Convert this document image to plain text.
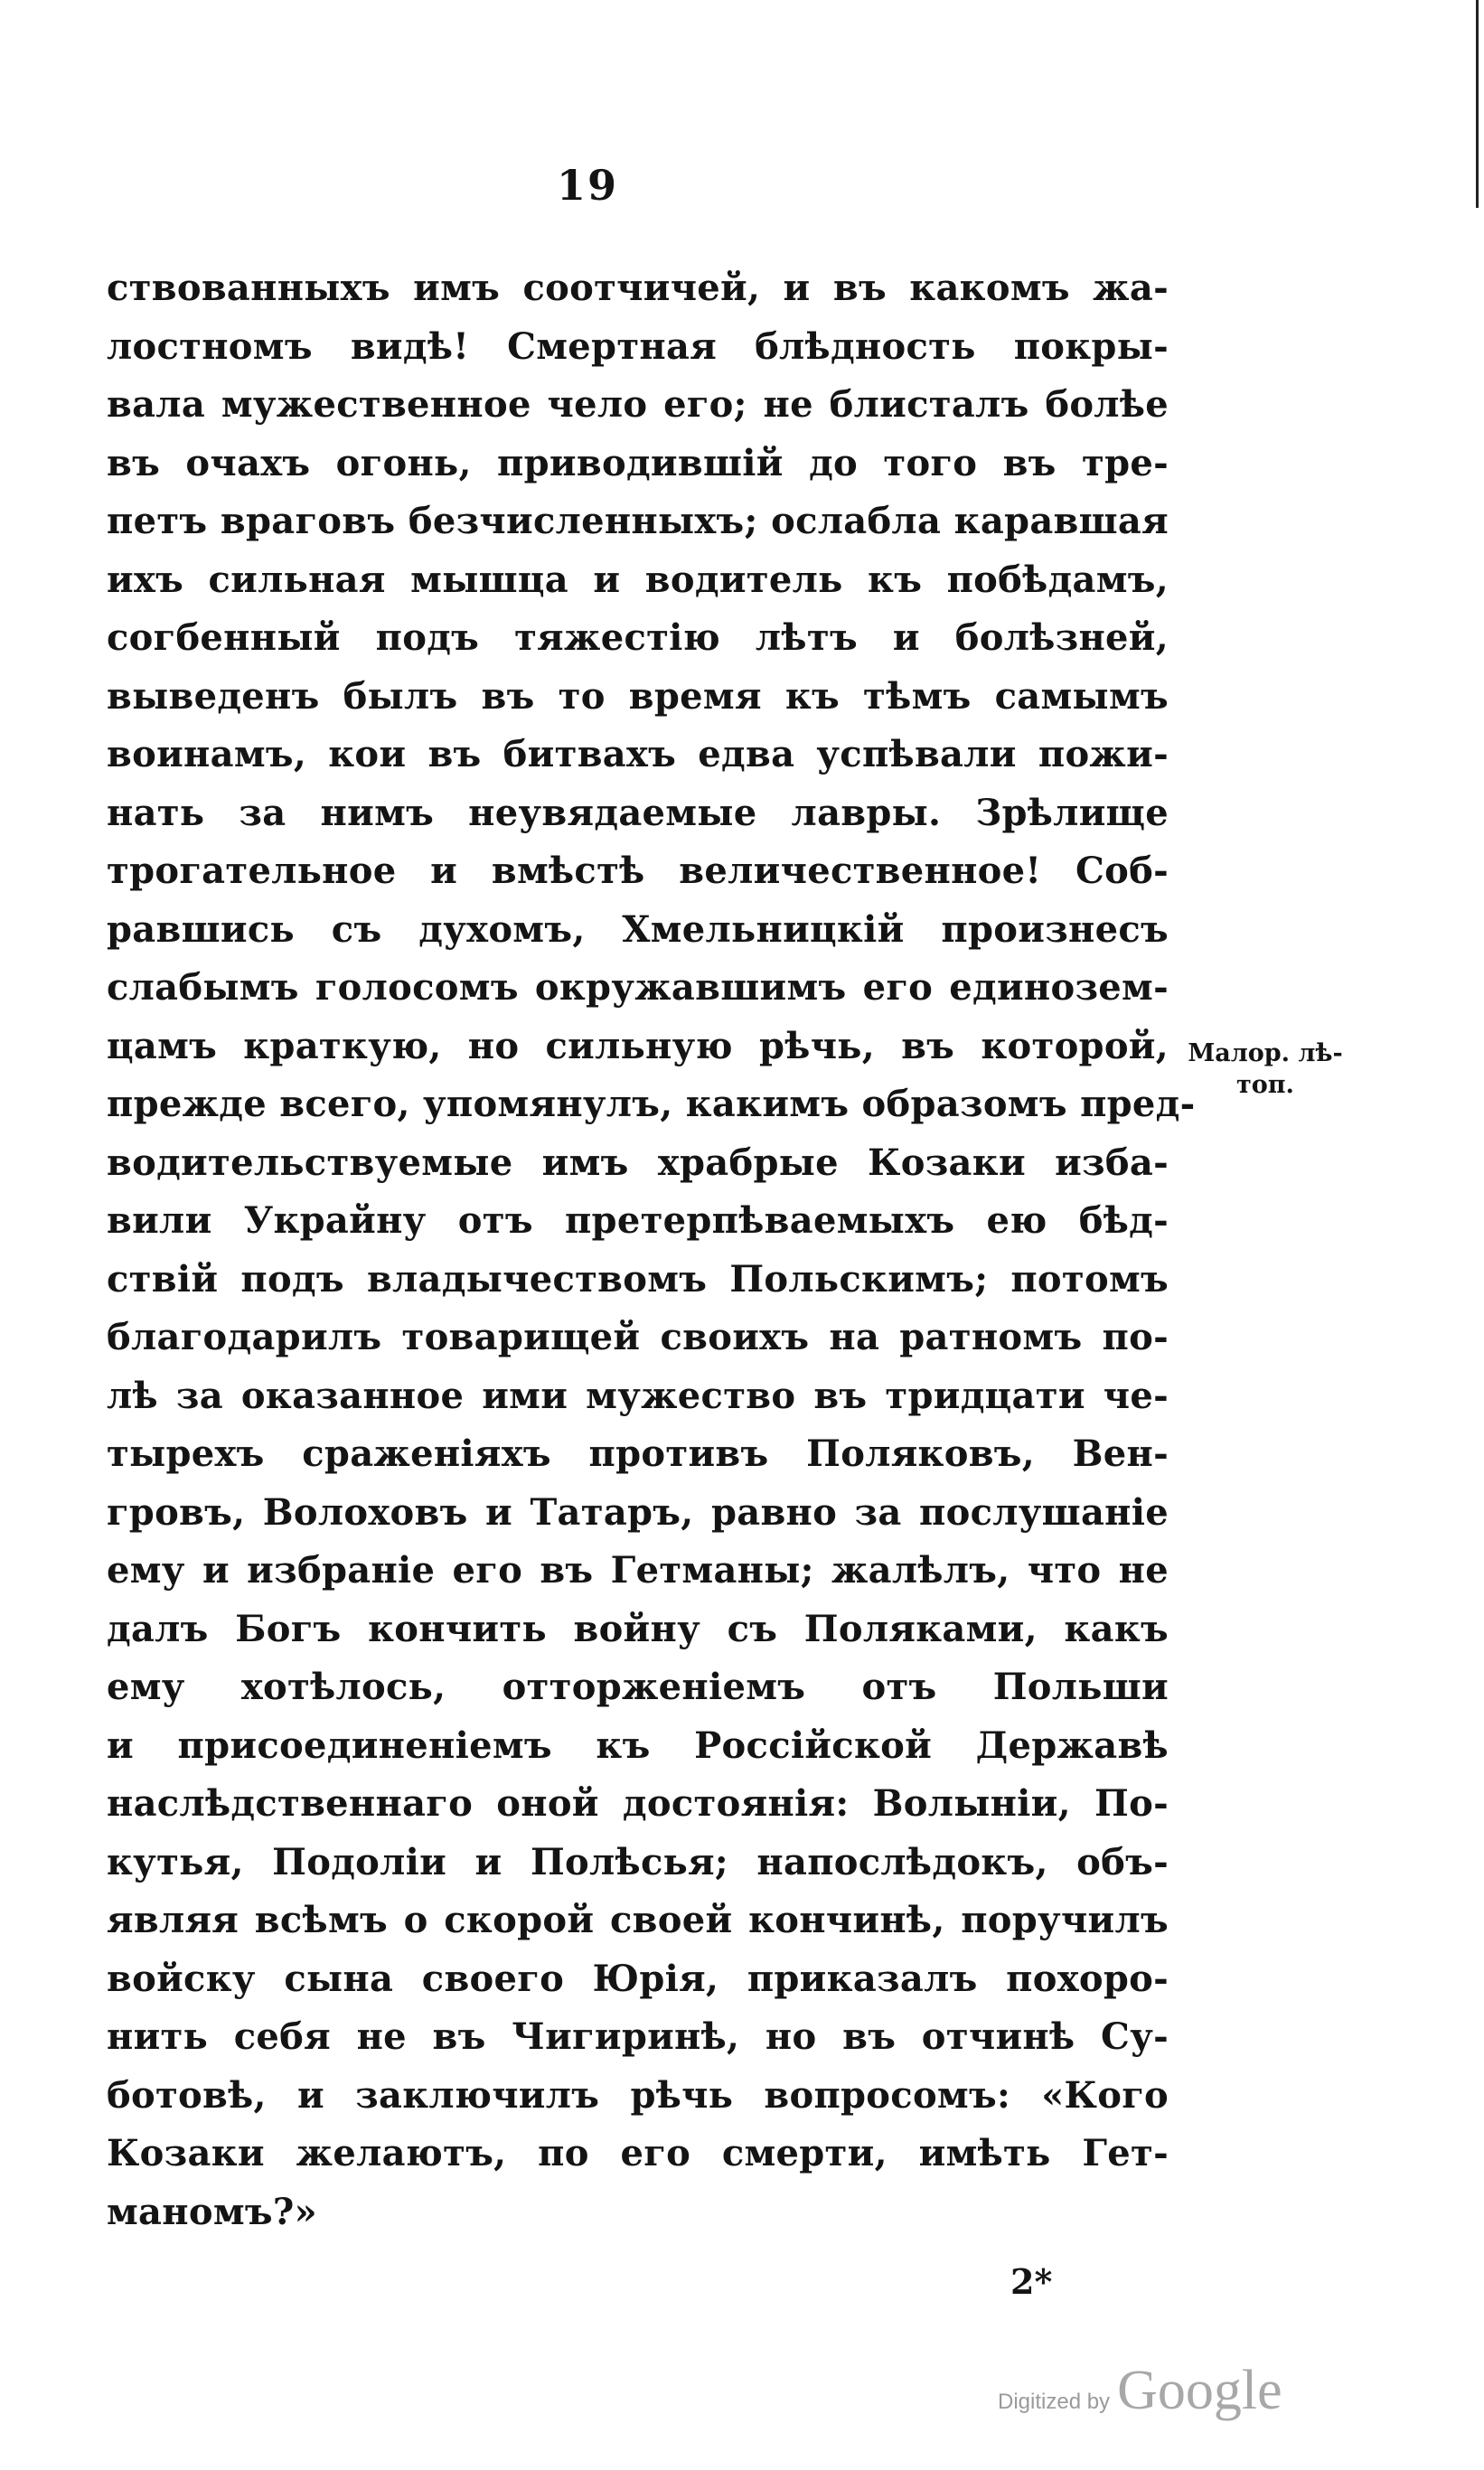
19
ствованныхъ имъ соотчичей, и въ какомъ жа-
лостномъ видѣ! Смертная блѣдность покры-
вала мужественное чело его; не блисталъ болѣе
въ очахъ огонь, приводившій до того въ тре-
петъ враговъ безчисленныхъ; ослабла каравшая
ихъ сильная мышца и водитель къ побѣдамъ,
согбенный подъ тяжестію лѣтъ и болѣзней,
выведенъ былъ въ то время къ тѣмъ самымъ
воинамъ, кои въ битвахъ едва успѣвали пожи-
нать за нимъ неувядаемые лавры. Зрѣлище
трогательное и вмѣстѣ величественное! Соб-
равшись съ духомъ, Хмельницкій произнесъ
слабымъ голосомъ окружавшимъ его единозем-
цамъ краткую, но сильную рѣчь, въ которой,
прежде всего, упомянулъ, какимъ образомъ пред-
водительствуемые имъ храбрые Козаки изба-
вили Украйну отъ претерпѣваемыхъ ею бѣд-
ствій подъ владычествомъ Польскимъ; потомъ
благодарилъ товарищей своихъ на ратномъ по-
лѣ за оказанное ими мужество въ тридцати че-
тырехъ сраженіяхъ противъ Поляковъ, Вен-
гровъ, Волоховъ и Татаръ, равно за послушаніе
ему и избраніе его въ Гетманы; жалѣлъ, что не
далъ Богъ кончить войну съ Поляками, какъ
ему хотѣлось, отторженіемъ отъ Польши
и присоединеніемъ къ Россійской Державѣ
наслѣдственнаго оной достоянія: Волыніи, По-
кутья, Подоліи и Полѣсья; напослѣдокъ, объ-
являя всѣмъ о скорой своей кончинѣ, поручилъ
войску сына своего Юрія, приказалъ похоро-
нить себя не въ Чигиринѣ, но въ отчинѣ Су-
ботовѣ, и заключилъ рѣчь вопросомъ: «Кого
Козаки желаютъ, по его смерти, имѣть Гет-
маномъ?»
Малор. лѣ-
топ.
2*
Digitized by Google
